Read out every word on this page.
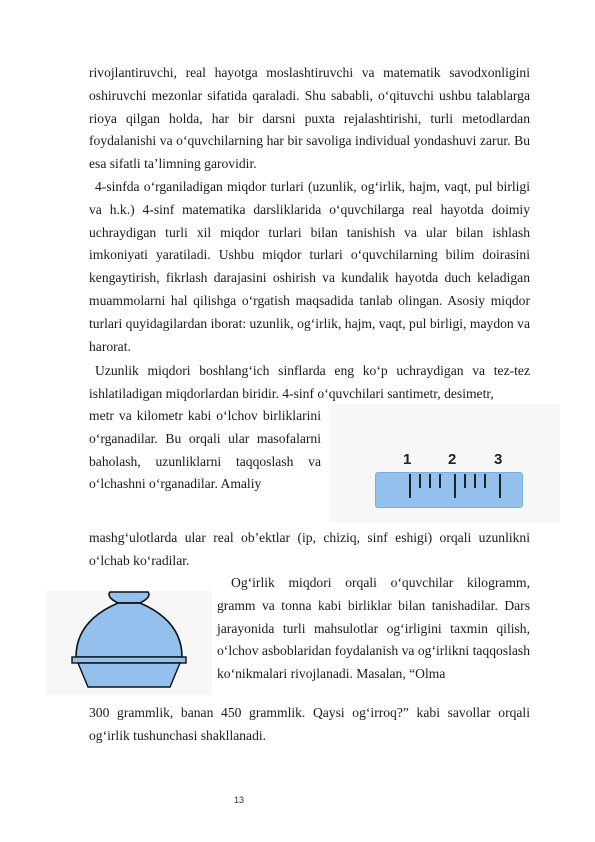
rivojlantiruvchi, real hayotga moslashtiruvchi va matematik savodxonligini oshiruvchi mezonlar sifatida qaraladi. Shu sababli, o‘qituvchi ushbu talablarga rioya qilgan holda, har bir darsni puxta rejalashtirishi, turli metodlardan foydalanishi va o‘quvchilarning har bir savoliga individual yondashuvi zarur. Bu esa sifatli ta’limning garovidir.

4-sinfda o‘rganiladigan miqdor turlari (uzunlik, og‘irlik, hajm, vaqt, pul birligi va h.k.) 4-sinf matematika darsliklarida o‘quvchilarga real hayotda doimiy uchraydigan turli xil miqdor turlari bilan tanishish va ular bilan ishlash imkoniyati yaratiladi. Ushbu miqdor turlari o‘quvchilarning bilim doirasini kengaytirish, fikrlash darajasini oshirish va kundalik hayotda duch keladigan muammolarni hal qilishga o‘rgatish maqsadida tanlab olingan. Asosiy miqdor turlari quyidagilardan iborat: uzunlik, og‘irlik, hajm, vaqt, pul birligi, maydon va harorat.

Uzunlik miqdori boshlang‘ich sinflarda eng ko‘p uchraydigan va tez-tez ishlatiladigan miqdorlardan biridir. 4-sinf o‘quvchilari santimetr, desimetr,

metr va kilometr kabi o‘lchov birliklarini o‘rganadilar. Bu orqali ular masofalarni baholash, uzunliklarni taqqoslash va o‘lchashni o‘rganadilar. Amaliy

1 2	3

mashg‘ulotlarda ular real ob’ektlar (ip, chiziq, sinf eshigi) orqali uzunlikni o‘lchab ko‘radilar.

Og‘irlik miqdori orqali o‘quvchilar kilogramm, gramm va tonna kabi birliklar bilan tanishadilar. Dars jarayonida turli mahsulotlar og‘irligini taxmin qilish, o‘lchov asboblaridan foydalanish va og‘irlikni taqqoslash ko‘nikmalari rivojlanadi. Masalan, “Olma

300 grammlik, banan 450 grammlik. Qaysi og‘irroq?” kabi savollar orqali og‘irlik tushunchasi shakllanadi.

13
